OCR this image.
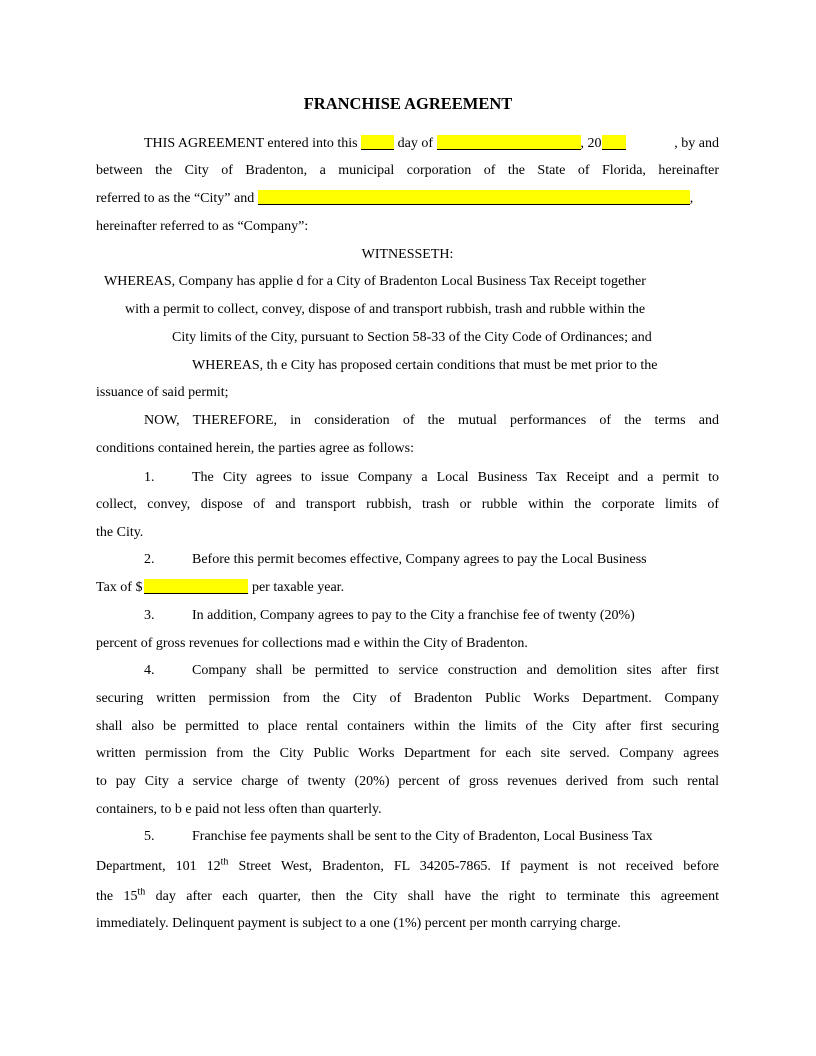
FRANCHISE AGREEMENT
THIS AGREEMENT entered into this	day of	, 20	, by and
between the City of Bradenton, a municipal corporation of the State of Florida, hereinafter
referred to as the “City” and	,
hereinafter referred to as “Company”:
WITNESSETH:
WHEREAS, Company has applie d for a City of Bradenton Local Business Tax Receipt together
with a permit to collect, convey, dispose of and transport rubbish, trash and rubble within the
City limits of the City, pursuant to Section 58-33 of the City Code of Ordinances; and
WHEREAS, th e City has proposed certain conditions that must be met prior to the
issuance of said permit;
NOW, THEREFORE, in consideration of the mutual performances of the terms and
conditions contained herein, the parties agree as follows:
1.	The City agrees to issue Company a Local Business Tax Receipt and a permit to
collect, convey, dispose of and transport rubbish, trash or rubble within the corporate limits of
the City.
2.	Before this permit becomes effective, Company agrees to pay the Local Business
Tax of $	per taxable year.
3.	In addition, Company agrees to pay to the City a franchise fee of twenty (20%)
percent of gross revenues for collections mad e within the City of Bradenton.
4.	Company shall be permitted to service construction and demolition sites after first
securing written permission from the City of Bradenton Public Works Department. Company
shall also be permitted to place rental containers within the limits of the City after first securing
written permission from the City Public Works Department for each site served. Company agrees
to pay City a service charge of twenty (20%) percent of gross revenues derived from such rental
containers, to b e paid not less often than quarterly.
5.	Franchise fee payments shall be sent to the City of Bradenton, Local Business Tax
Department, 101 12th Street West, Bradenton, FL 34205-7865. If payment is not received before
the 15th day after each quarter, then the City shall have the right to terminate this agreement
immediately. Delinquent payment is subject to a one (1%) percent per month carrying charge.
